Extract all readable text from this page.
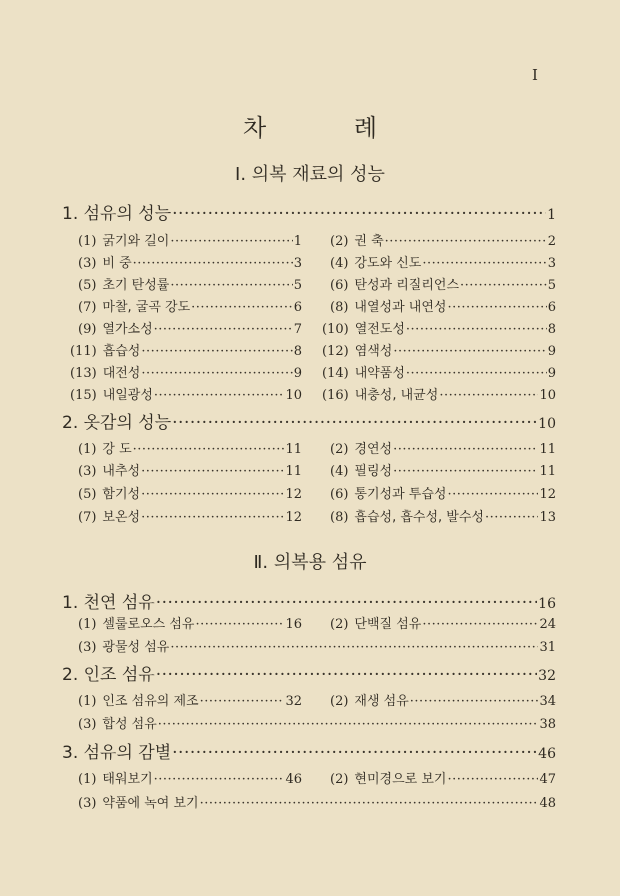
I
차 례
Ⅰ. 의복 재료의 성능
1. 섬유의 성능 ·····	1
(1) 굵기와 길이 ·····	1 (2) 권 축 ·····	2
(3) 비 중 ·····	3 (4) 강도와 신도 ·····	3
(5) 초기 탄성률 ·····	5 (6) 탄성과 리질리언스 ·····	5
(7) 마찰, 굴곡 강도 ·····	6 (8) 내열성과 내연성 ·····	6
(9) 열가소성 ·····	7 (10) 열전도성 ·····	8
(11) 흡습성 ·····	8 (12) 염색성 ·····	9
(13) 대전성 ·····	9 (14) 내약품성 ·····	9
(15) 내일광성 ·····	10 (16) 내충성, 내균성 ·····	10
2. 옷감의 성능 ·····	10
(1) 강 도 ·····	11 (2) 경연성 ·····	11
(3) 내추성 ·····	11 (4) 필링성 ·····	11
(5) 함기성 ·····	12 (6) 통기성과 투습성 ·····	12
(7) 보온성 ·····	12 (8) 흡습성, 흡수성, 발수성 ·····	13
Ⅱ. 의복용 섬유
1. 천연 섬유 ·····	16
(1) 셀룰로오스 섬유 ·····	16 (2) 단백질 섬유 ·····	24
(3) 광물성 섬유 ·····	31
2. 인조 섬유 ·····	32
(1) 인조 섬유의 제조 ·····	32 (2) 재생 섬유 ·····	34
(3) 합성 섬유 ·····	38
3. 섬유의 감별 ·····	46
(1) 태워보기 ·····	46 (2) 현미경으로 보기 ·····	47
(3) 약품에 녹여 보기 ·····	48
